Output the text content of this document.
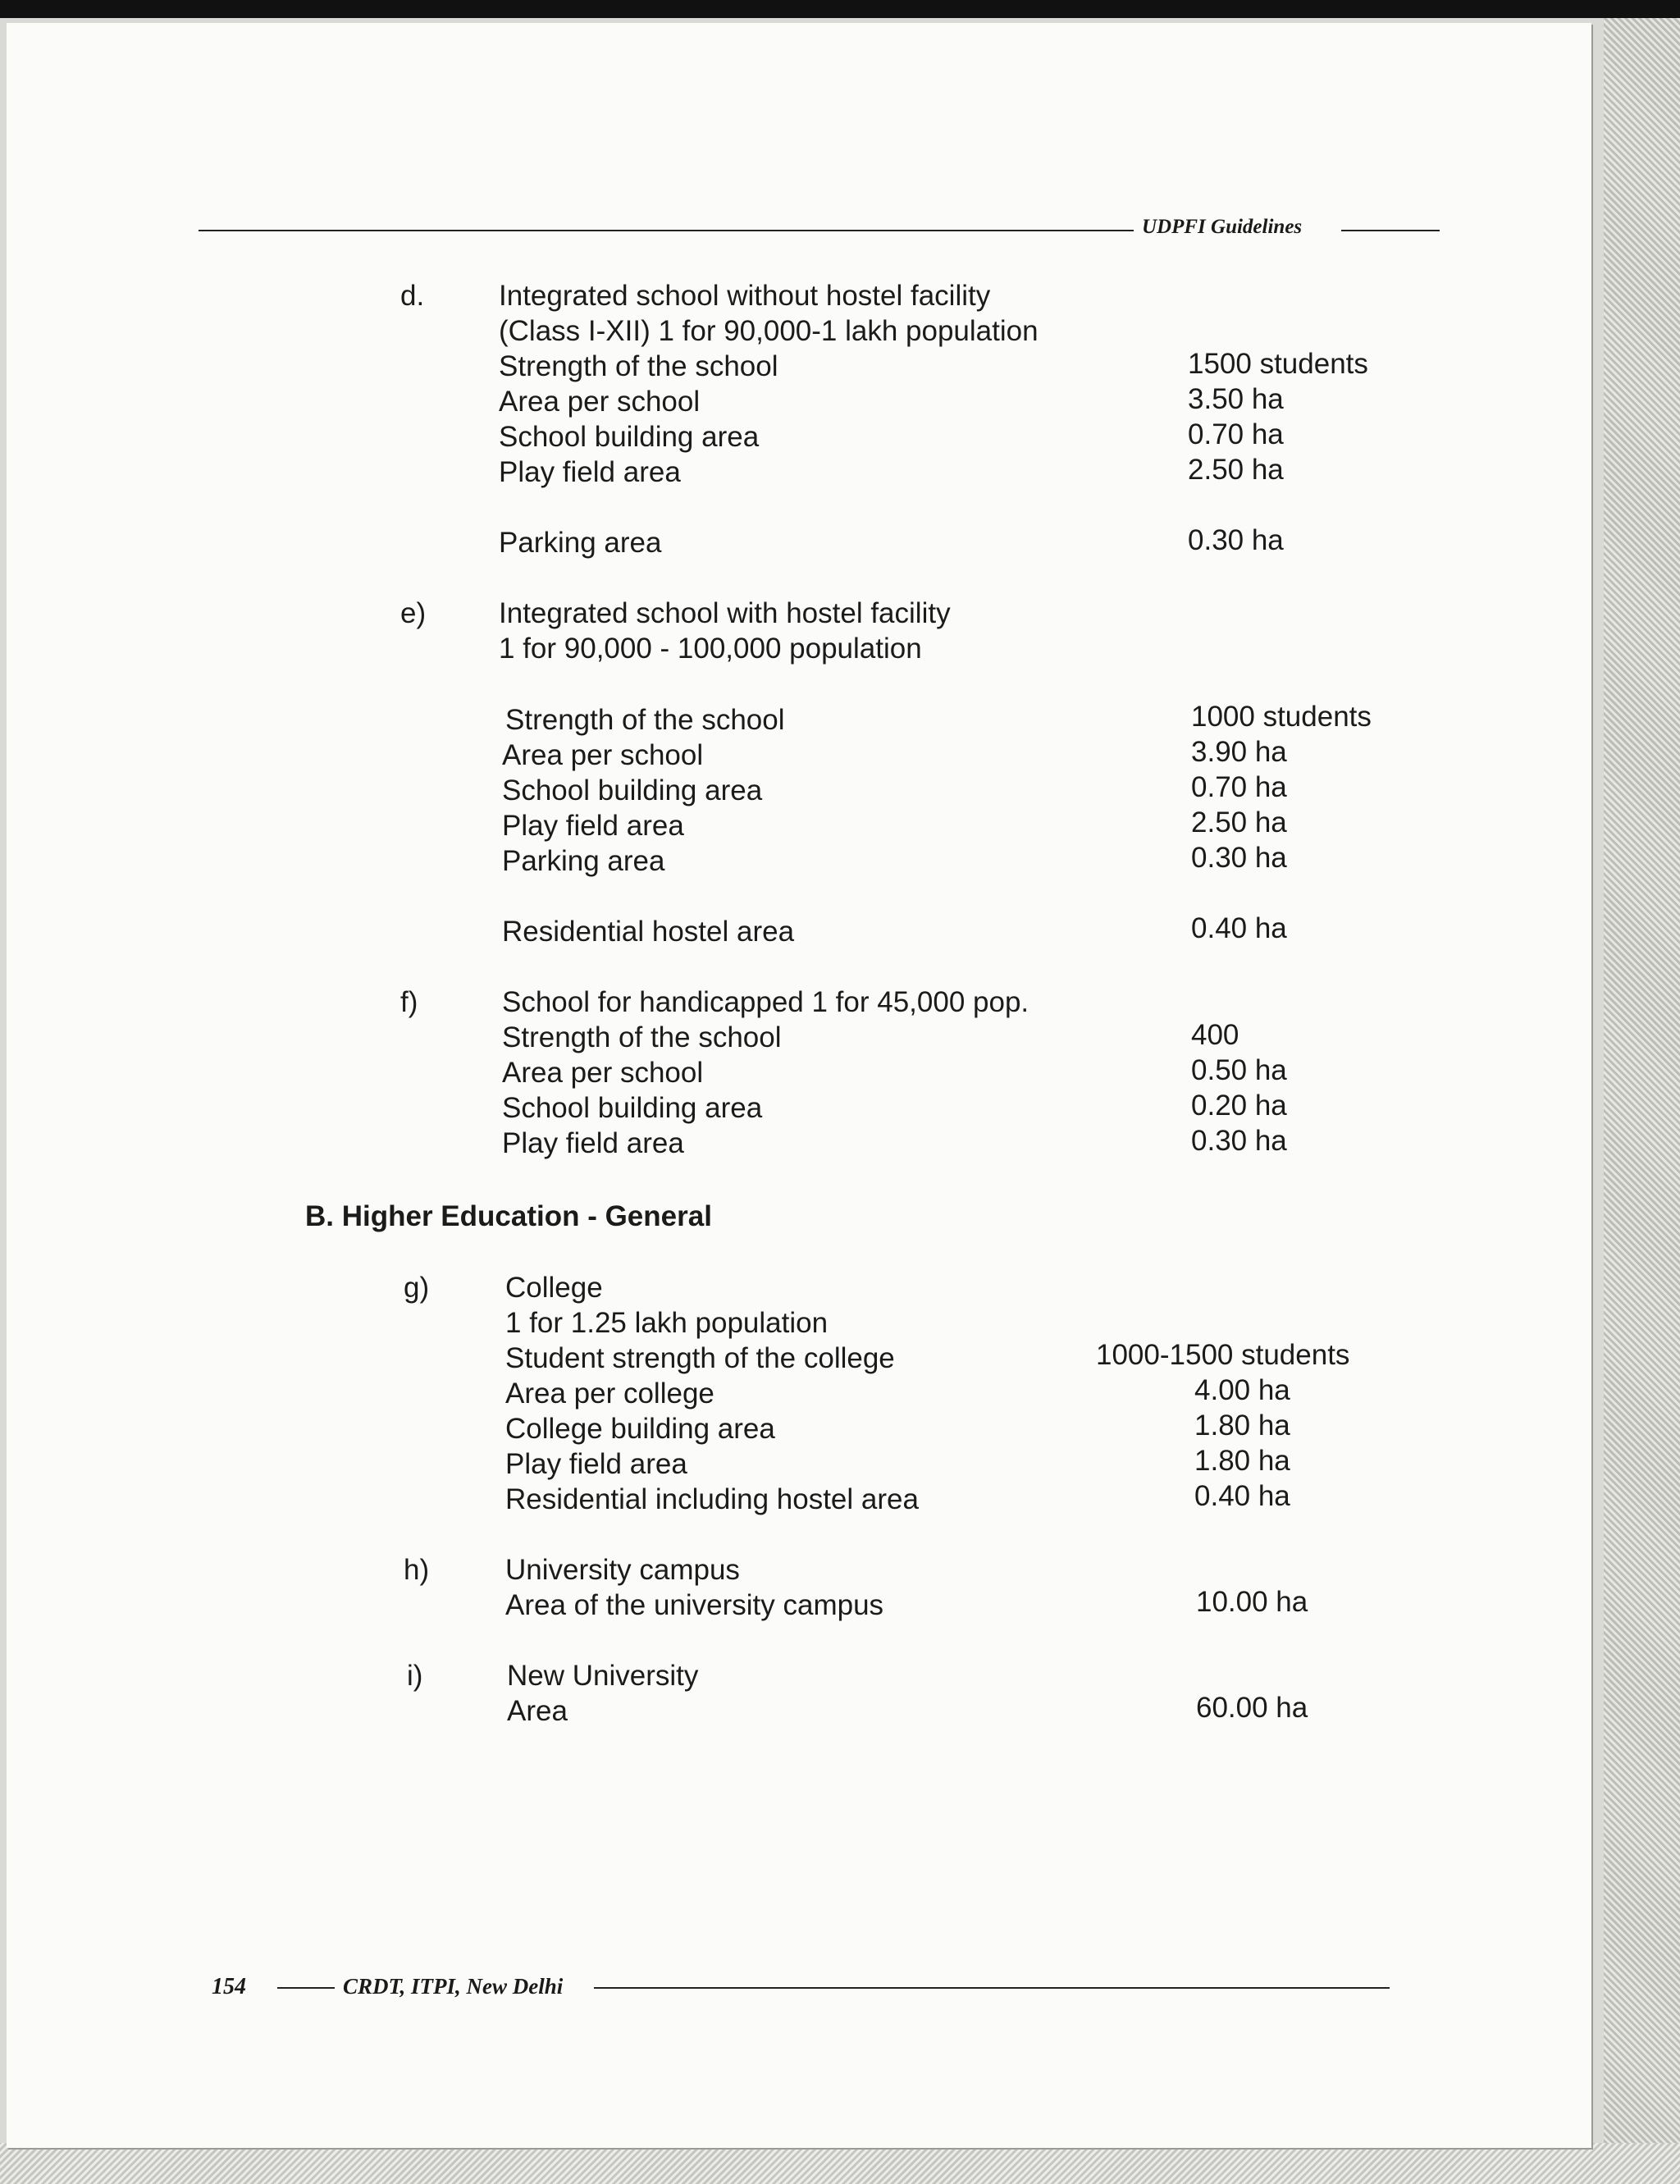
UDPFI Guidelines
d.	Integrated school without hostel facility
(Class I-XII) 1 for 90,000-1 lakh population
Strength of the school	1500 students
Area per school	3.50 ha
School building area	0.70 ha
Play field area	2.50 ha
Parking area	0.30 ha
e)	Integrated school with hostel facility
1 for 90,000 - 100,000 population
Strength of the school	1000 students
Area per school	3.90 ha
School building area	0.70 ha
Play field area	2.50 ha
Parking area	0.30 ha
Residential hostel area	0.40 ha
f)	School for handicapped 1 for 45,000 pop.
Strength of the school	400
Area per school	0.50 ha
School building area	0.20 ha
Play field area	0.30 ha
B. Higher Education - General
g)	College
1 for 1.25 lakh population
Student strength of the college	1000-1500 students
Area per college	4.00 ha
College building area	1.80 ha
Play field area	1.80 ha
Residential including hostel area	0.40 ha
h)	University campus
Area of the university campus	10.00 ha
i)	New University
Area	60.00 ha
154	CRDT, ITPI, New Delhi
